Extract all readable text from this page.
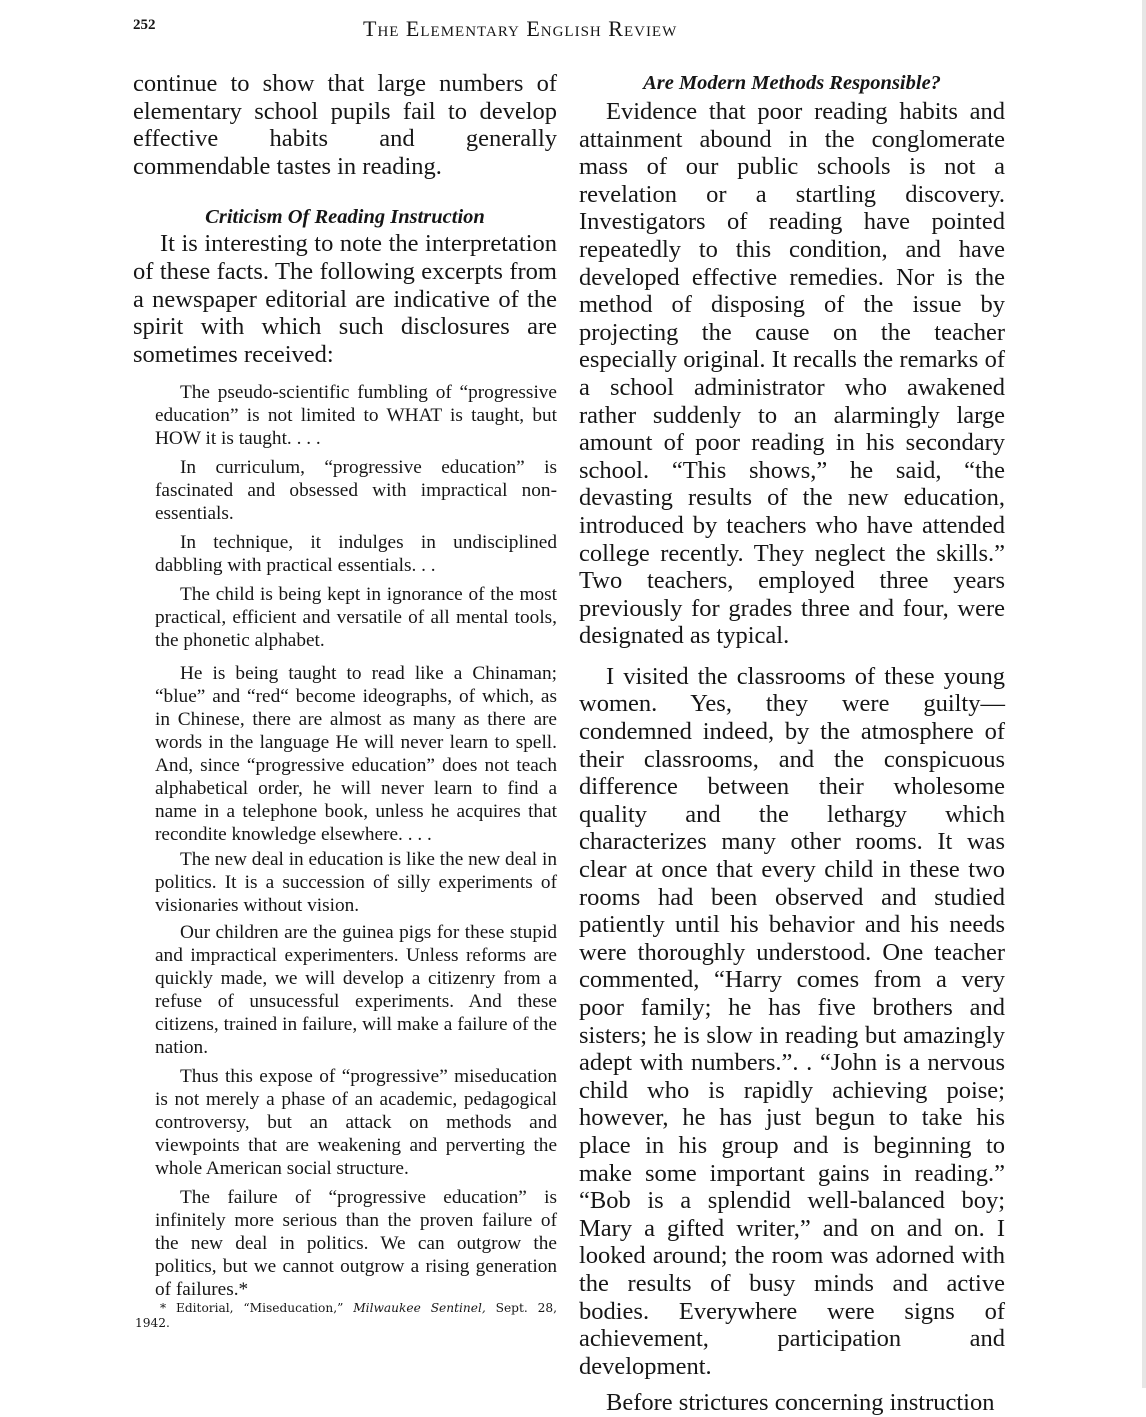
252	The Elementary English Review

continue to show that large numbers of elementary school pupils fail to develop effective habits and generally commendable tastes in reading.

Criticism Of Reading Instruction

It is interesting to note the interpretation of these facts. The following excerpts from a newspaper editorial are indicative of the spirit with which such disclosures are sometimes received:

The pseudo-scientific fumbling of “progressive education” is not limited to WHAT is taught, but HOW it is taught. . . .

In curriculum, “progressive education” is fascinated and obsessed with impractical non-essentials.

In technique, it indulges in undisciplined dabbling with practical essentials. . .

The child is being kept in ignorance of the most practical, efficient and versatile of all mental tools, the phonetic alphabet.

He is being taught to read like a Chinaman; “blue” and “red“ become ideographs, of which, as in Chinese, there are almost as many as there are words in the language He will never learn to spell. And, since “progressive education” does not teach alphabetical order, he will never learn to find a name in a telephone book, unless he acquires that recondite knowledge elsewhere. . . .

The new deal in education is like the new deal in politics. It is a succession of silly experiments of visionaries without vision.

Our children are the guinea pigs for these stupid and impractical experimenters. Unless reforms are quickly made, we will develop a citizenry from a refuse of unsucessful experiments. And these citizens, trained in failure, will make a failure of the nation.

Thus this expose of “progressive” miseducation is not merely a phase of an academic, pedagogical controversy, but an attack on methods and viewpoints that are weakening and perverting the whole American social structure.

The failure of “progressive education” is infinitely more serious than the proven failure of the new deal in politics. We can outgrow the politics, but we cannot outgrow a rising generation of failures.*

* Editorial, “Miseducation,” Milwaukee Sentinel, Sept. 28, 1942.

Are Modern Methods Responsible?

Evidence that poor reading habits and attainment abound in the conglomerate mass of our public schools is not a revelation or a startling discovery. Investigators of reading have pointed repeatedly to this condition, and have developed effective remedies. Nor is the method of disposing of the issue by projecting the cause on the teacher especially original. It recalls the remarks of a school administrator who awakened rather suddenly to an alarmingly large amount of poor reading in his secondary school. “This shows,” he said, “the devasting results of the new education, introduced by teachers who have attended college recently. They neglect the skills.” Two teachers, employed three years previously for grades three and four, were designated as typical.

I visited the classrooms of these young women. Yes, they were guilty—condemned indeed, by the atmosphere of their classrooms, and the conspicuous difference between their wholesome quality and the lethargy which characterizes many other rooms. It was clear at once that every child in these two rooms had been observed and studied patiently until his behavior and his needs were thoroughly understood. One teacher commented, “Harry comes from a very poor family; he has five brothers and sisters; he is slow in reading but amazingly adept with numbers.”. . “John is a nervous child who is rapidly achieving poise; however, he has just begun to take his place in his group and is beginning to make some important gains in reading.” “Bob is a splendid well-balanced boy; Mary a gifted writer,” and on and on. I looked around; the room was adorned with the results of busy minds and active bodies. Everywhere were signs of achievement, participation and development.

Before strictures concerning instruction
